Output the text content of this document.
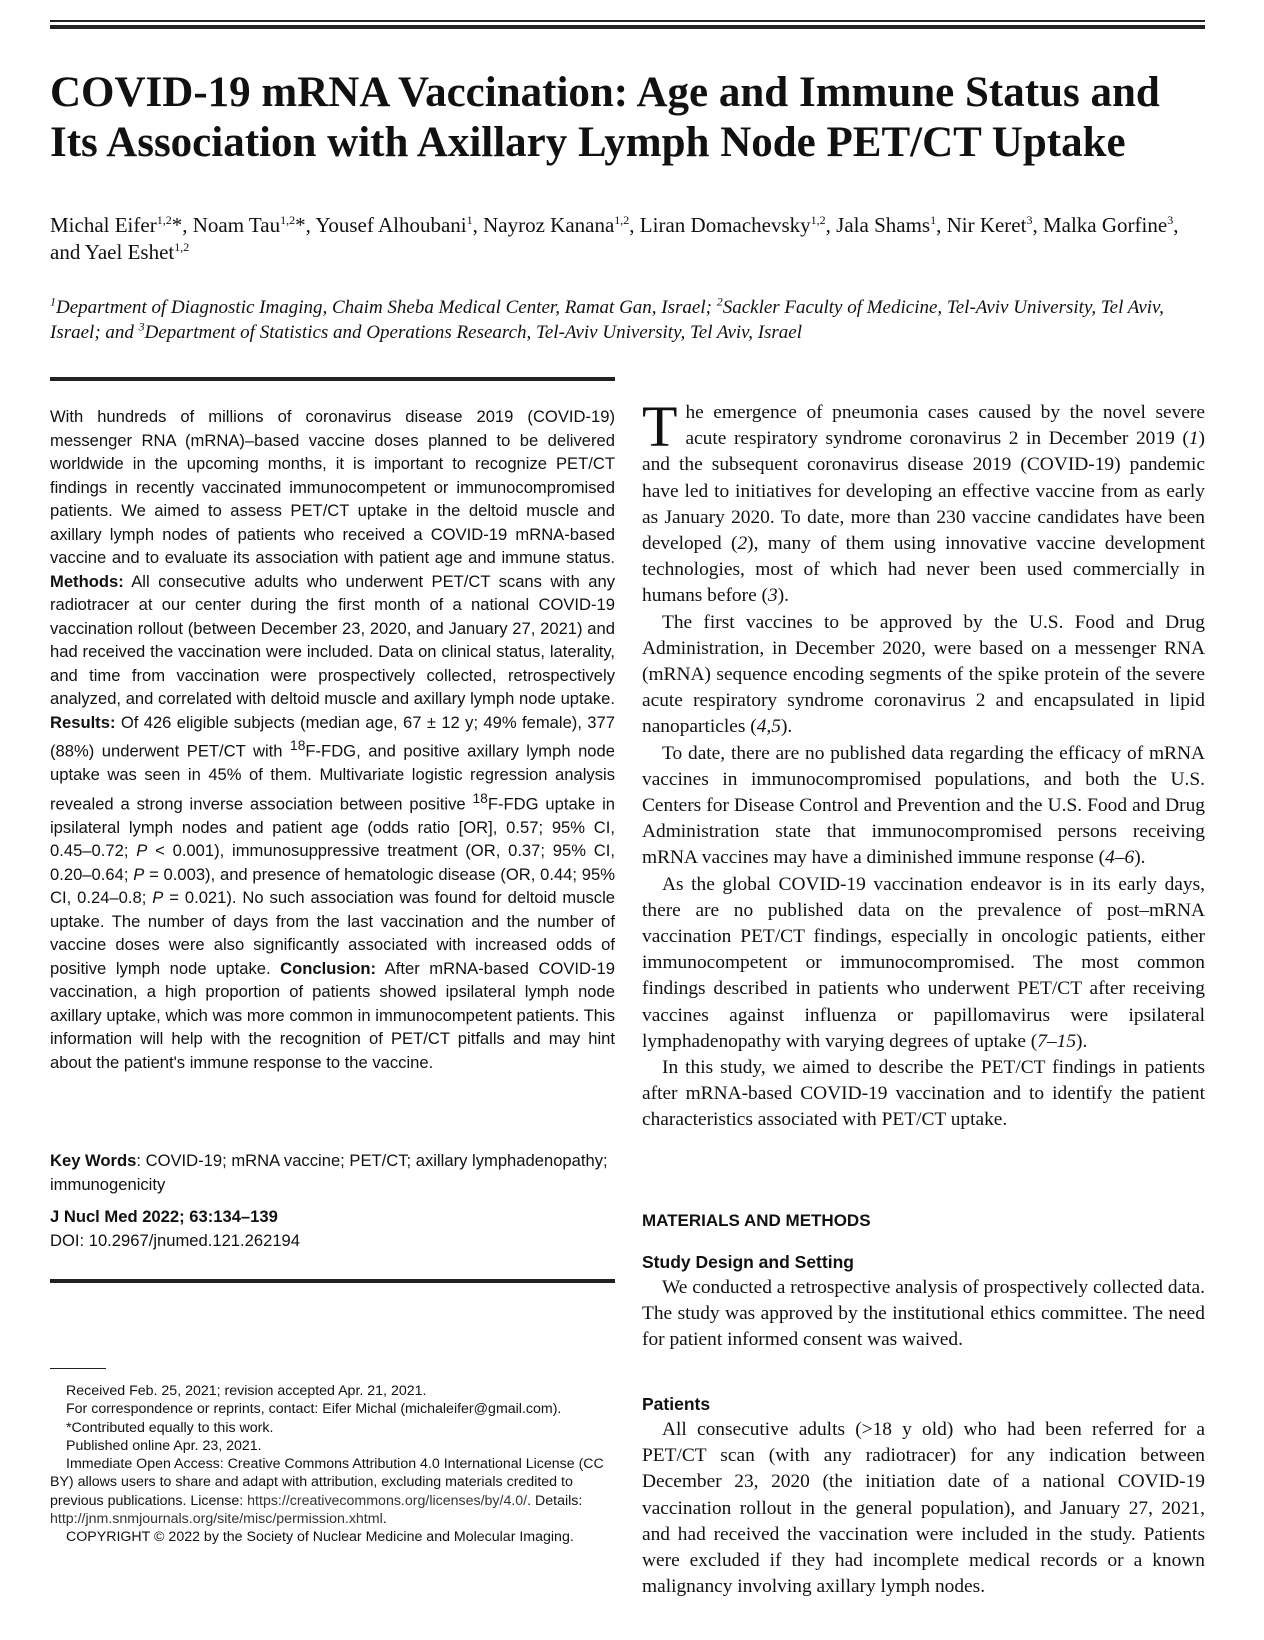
COVID-19 mRNA Vaccination: Age and Immune Status and Its Association with Axillary Lymph Node PET/CT Uptake
Michal Eifer$^{1,2}$*, Noam Tau$^{1,2}$*, Yousef Alhoubani$^1$, Nayroz Kanana$^{1,2}$, Liran Domachevsky$^{1,2}$, Jala Shams$^1$, Nir Keret$^3$, Malka Gorfine$^3$, and Yael Eshet$^{1,2}$
$^1$Department of Diagnostic Imaging, Chaim Sheba Medical Center, Ramat Gan, Israel; $^2$Sackler Faculty of Medicine, Tel-Aviv University, Tel Aviv, Israel; and $^3$Department of Statistics and Operations Research, Tel-Aviv University, Tel Aviv, Israel

With hundreds of millions of coronavirus disease 2019 (COVID-19) messenger RNA (mRNA)–based vaccine doses planned to be delivered worldwide in the upcoming months, it is important to recognize PET/CT findings in recently vaccinated immunocompetent or immunocompromised patients. We aimed to assess PET/CT uptake in the deltoid muscle and axillary lymph nodes of patients who received a COVID-19 mRNA-based vaccine and to evaluate its association with patient age and immune status. Methods: All consecutive adults who underwent PET/CT scans with any radiotracer at our center during the first month of a national COVID-19 vaccination rollout (between December 23, 2020, and January 27, 2021) and had received the vaccination were included. Data on clinical status, laterality, and time from vaccination were prospectively collected, retrospectively analyzed, and correlated with deltoid muscle and axillary lymph node uptake. Results: Of 426 eligible subjects (median age, 67 ± 12 y; 49% female), 377 (88%) underwent PET/CT with $^{18}$F-FDG, and positive axillary lymph node uptake was seen in 45% of them. Multivariate logistic regression analysis revealed a strong inverse association between positive $^{18}$F-FDG uptake in ipsilateral lymph nodes and patient age (odds ratio [OR], 0.57; 95% CI, 0.45–0.72; P < 0.001), immunosuppressive treatment (OR, 0.37; 95% CI, 0.20–0.64; P = 0.003), and presence of hematologic disease (OR, 0.44; 95% CI, 0.24–0.8; P = 0.021). No such association was found for deltoid muscle uptake. The number of days from the last vaccination and the number of vaccine doses were also significantly associated with increased odds of positive lymph node uptake. Conclusion: After mRNA-based COVID-19 vaccination, a high proportion of patients showed ipsilateral lymph node axillary uptake, which was more common in immunocompetent patients. This information will help with the recognition of PET/CT pitfalls and may hint about the patient's immune response to the vaccine.

Key Words: COVID-19; mRNA vaccine; PET/CT; axillary lymphadenopathy; immunogenicity
J Nucl Med 2022; 63:134–139
DOI: 10.2967/jnumed.121.262194

Received Feb. 25, 2021; revision accepted Apr. 21, 2021.

For correspondence or reprints, contact: Eifer Michal (michaleifer@gmail.com).

*Contributed equally to this work.

Published online Apr. 23, 2021.

Immediate Open Access: Creative Commons Attribution 4.0 International License (CC BY) allows users to share and adapt with attribution, excluding materials credited to previous publications. License: https://creativecommons.org/licenses/by/4.0/. Details: http://jnm.snmjournals.org/site/misc/permission.xhtml.

COPYRIGHT © 2022 by the Society of Nuclear Medicine and Molecular Imaging.

The emergence of pneumonia cases caused by the novel severe acute respiratory syndrome coronavirus 2 in December 2019 (1) and the subsequent coronavirus disease 2019 (COVID-19) pandemic have led to initiatives for developing an effective vaccine from as early as January 2020. To date, more than 230 vaccine candidates have been developed (2), many of them using innovative vaccine development technologies, most of which had never been used commercially in humans before (3).

The first vaccines to be approved by the U.S. Food and Drug Administration, in December 2020, were based on a messenger RNA (mRNA) sequence encoding segments of the spike protein of the severe acute respiratory syndrome coronavirus 2 and encapsulated in lipid nanoparticles (4,5).

To date, there are no published data regarding the efficacy of mRNA vaccines in immunocompromised populations, and both the U.S. Centers for Disease Control and Prevention and the U.S. Food and Drug Administration state that immunocompromised persons receiving mRNA vaccines may have a diminished immune response (4–6).

As the global COVID-19 vaccination endeavor is in its early days, there are no published data on the prevalence of post–mRNA vaccination PET/CT findings, especially in oncologic patients, either immunocompetent or immunocompromised. The most common findings described in patients who underwent PET/CT after receiving vaccines against influenza or papillomavirus were ipsilateral lymphadenopathy with varying degrees of uptake (7–15).

In this study, we aimed to describe the PET/CT findings in patients after mRNA-based COVID-19 vaccination and to identify the patient characteristics associated with PET/CT uptake.

MATERIALS AND METHODS
Study Design and Setting

We conducted a retrospective analysis of prospectively collected data. The study was approved by the institutional ethics committee. The need for patient informed consent was waived.

Patients

All consecutive adults (>18 y old) who had been referred for a PET/CT scan (with any radiotracer) for any indication between December 23, 2020 (the initiation date of a national COVID-19 vaccination rollout in the general population), and January 27, 2021, and had received the vaccination were included in the study. Patients were excluded if they had incomplete medical records or a known malignancy involving axillary lymph nodes.
